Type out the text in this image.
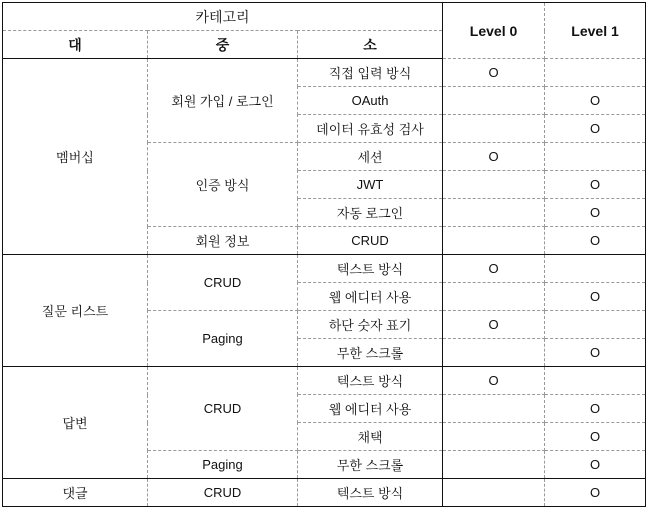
카테고리			Level 0	Level 1
대	중	소		
멤버십	회원 가입 / 로그인	직접 입력 방식	O	
		OAuth		O
		데이터 유효성 검사		O
	인증 방식	세션	O	
		JWT		O
		자동 로그인		O
	회원 정보	CRUD		O
질문 리스트	CRUD	텍스트 방식	O	
		웹 에디터 사용		O
	Paging	하단 숫자 표기	O	
		무한 스크롤		O
답변	CRUD	텍스트 방식	O	
		웹 에디터 사용		O
		채택		O
	Paging	무한 스크롤		O
댓글	CRUD	텍스트 방식		O
